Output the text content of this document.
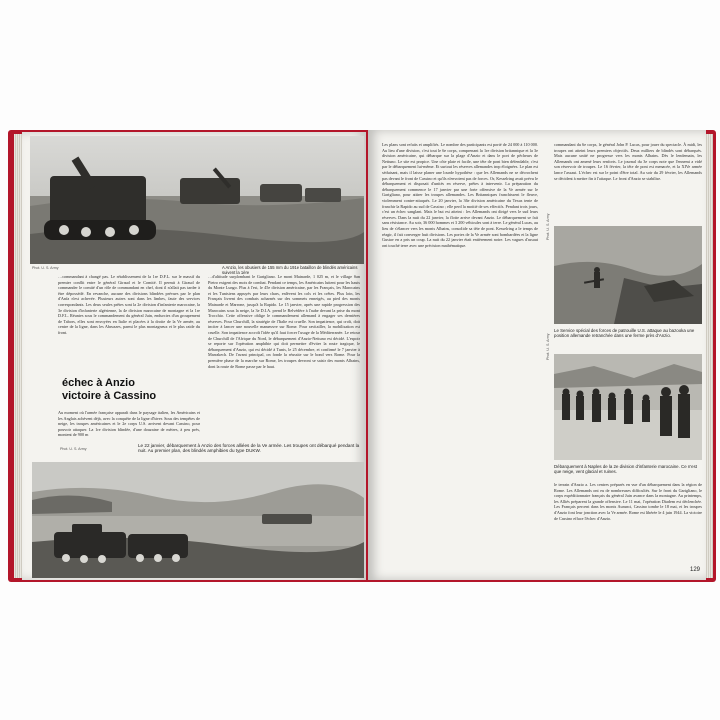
A Anzio, les obusiers de 155 mm du 191e bataillon de blindés américains suivent la 1ère
Phot. U. S. Army
…commandant à changé pas. Le rétablissement de la 1re D.F.L. sur le massif du premier conflit entre le général Giraud et le Comité. Il permit à Giraud de commander le comité d'un rôle de commandant en chef, dont il n'allait pas tarder à être dépossédé. En revanche, aucune des divisions blindées prévues par le plan d'Anfa n'est achevée. Plusieurs autres sont dans les limbes, faute des services correspondants. Les deux seules prêtes sont la 2e division d'infanterie marocaine, la 3e division d'infanterie algérienne, la 4e division marocaine de montagne et la 1re D.F.L. Réunies sous le commandement du général Juin, endurcies d'un groupement de Tabors, elles sont envoyées en Italie et placées à la droite de la Ve armée, au centre de la ligne, dans les Abruzzes, parmi le plus montagneux et le plus raide du front.
…d'altitude surplombant le Garigliano. Le mont Mainarde, 1 025 m, et le village San Pietro exigent des mois de combat. Pendant ce temps, les Américains luttent pour les hauts du Monte Lungo. Plus à l'est, le 45e division américaine, par les Français, les Marocains et les Tunisiens appuyés par leurs chars, enlèvent les cols et les crêtes. Plus loin, les Français livrent des combats acharnés sur des sommets enneigés, au pied des monts Mainarde et Marrone, jusqu'à la Rapido. Le 15 janvier, après une rapide progression des Marocains sous la neige, la 3e D.I.A. prend le Belvédère à l'aube devant la prise du mont Trocchio. Cette offensive oblige le commandement allemand à engager ses dernières réserves. Pour Churchill, la stratégie de l'Italie est cruelle. Son impatience, qui croît, doit inciter à lancer une nouvelle manœuvre sur Rome. Pour ravitailler, la mobilisation est cruelle. Son impatience accroît l'idée qu'il faut forcer l'usage de la Méditerranée. Le retour de Churchill de l'Afrique du Nord, le débarquement d'Anzio-Nettuno est décidé. L'espoir se reporte sur l'opération amphibie qui doit permettre d'éviter la route tragique, le débarquement d'Anzio, qui est décidé à Tunis, le 25 décembre, et confirmé le 7 janvier à Marrakech. De l'avant principal, on fonde la réussite sur le bond vers Rome. Pour la première phase de la marche sur Rome, les troupes devront se saisir des monts Albains, dont la route de Rome passe par le haut.
échec à Anzio
victoire à Cassino
Au moment où l'armée française apparaît dans le paysage italien, les Américains et les Anglais achèvent déjà, avec la conquête de la ligne d'hiver. Sous des tempêtes de neige, les troupes américaines et le 2e corps U.S. arrivent devant Cassino, pour pouvoir attaquer. La 1re division blindée, d'une douzaine de mètres, à peu près, montent de 900 m
Phot. U. S. Army
Le 22 janvier, débarquement à Anzio des forces alliées de la Ve armée. Les troupes ont débarqué pendant la nuit. Au premier plan, des blindés amphibies du type DUKW.
Les plans sont refaits et amplifiés. Le nombre des participants est porté de 24 000 à 110 000. Au lieu d'une division, c'est tout le 6e corps, comprenant la 1re division britannique et la 3e division américaine, qui débarque sur la plage d'Anzio et dans le port de pêcheurs de Nettuno. Le site est propice. Une côte plate et facile, une tête de pont bien défendable, c'est par le débarquement lui-même. Et surtout les réserves allemandes trop éloignées. Le plan est séduisant, mais il laisse planer une lourde hypothèse : que les Allemands ne se décrochent pas devant le front de Cassino et qu'ils n'envoient pas de forces. Or, Kesselring avait prévu le débarquement et disposait d'unités en réserve, prêtes à intervenir. La préparation du débarquement commence le 17 janvier par une forte offensive de la Ve armée sur le Garigliano, pour attirer les troupes allemandes. Les Britanniques franchissent le fleuve, violemment contre-attaqués. Le 20 janvier, la 36e division américaine du Texas tente de franchir la Rapido au sud de Cassino ; elle perd la moitié de ses effectifs. Pendant trois jours, c'est un échec sanglant. Mais le but est atteint : les Allemands ont dirigé vers le sud leurs réserves. Dans la nuit du 22 janvier, la flotte arrive devant Anzio. Le débarquement se fait sans résistance. Au soir, 36 000 hommes et 3 200 véhicules sont à terre. Le général Lucas, au lieu de s'élancer vers les monts Albains, consolide sa tête de pont. Kesselring a le temps de réagir, il fait converger huit divisions. Les portes de la Ve armée sont bombardées et la ligne Gustav en a pris un coup. La nuit du 22 janvier était entièrement noire. Les vagues d'assaut ont touché terre avec une précision mathématique.
commandant du 6e corps, le général John P. Lucas, pour jouer du spectacle. À midi, les troupes ont atteint leurs premiers objectifs. Deux milliers de blindés sont débarqués. Mais aucune unité ne progresse vers les monts Albains. Dès le lendemain, les Allemands ont amené leurs renforts. Le journal du 3e corps note que l'ennemi a vidé son réservoir de troupes. Le 16 février, la tête de pont est menacée, et la XIVe armée lance l'assaut. L'échec est sur le point d'être total. Au soir du 29 février, les Allemands se décident à mettre fin à l'attaque. Le front d'Anzio se stabilise.
Phot. U. S. Army
Le Service spécial des forces de patrouille U.S. attaque au bazooka une position allemande retranchée dans une ferme près d'Anzio.
Phot. U. S. Army
Débarquement à Naples de la 2e division d'infanterie marocaine. Ce n'est que neige, vent glacial et ruines.
le terrain d'Anzio a. Les centres préparés en vue d'un débarquement dans la région de Rome. Les Allemands ont eu de nombreuses difficultés. Sur le front du Garigliano, le corps expéditionnaire français du général Juin avance dans la montagne. Au printemps, les Alliés préparent la grande offensive. Le 11 mai, l'opération Diadem est déclenchée. Les Français percent dans les monts Aurunci, Cassino tombe le 18 mai, et les troupes d'Anzio font leur jonction avec la Ve armée. Rome est libérée le 4 juin 1944. La victoire de Cassino efface l'échec d'Anzio.
129
